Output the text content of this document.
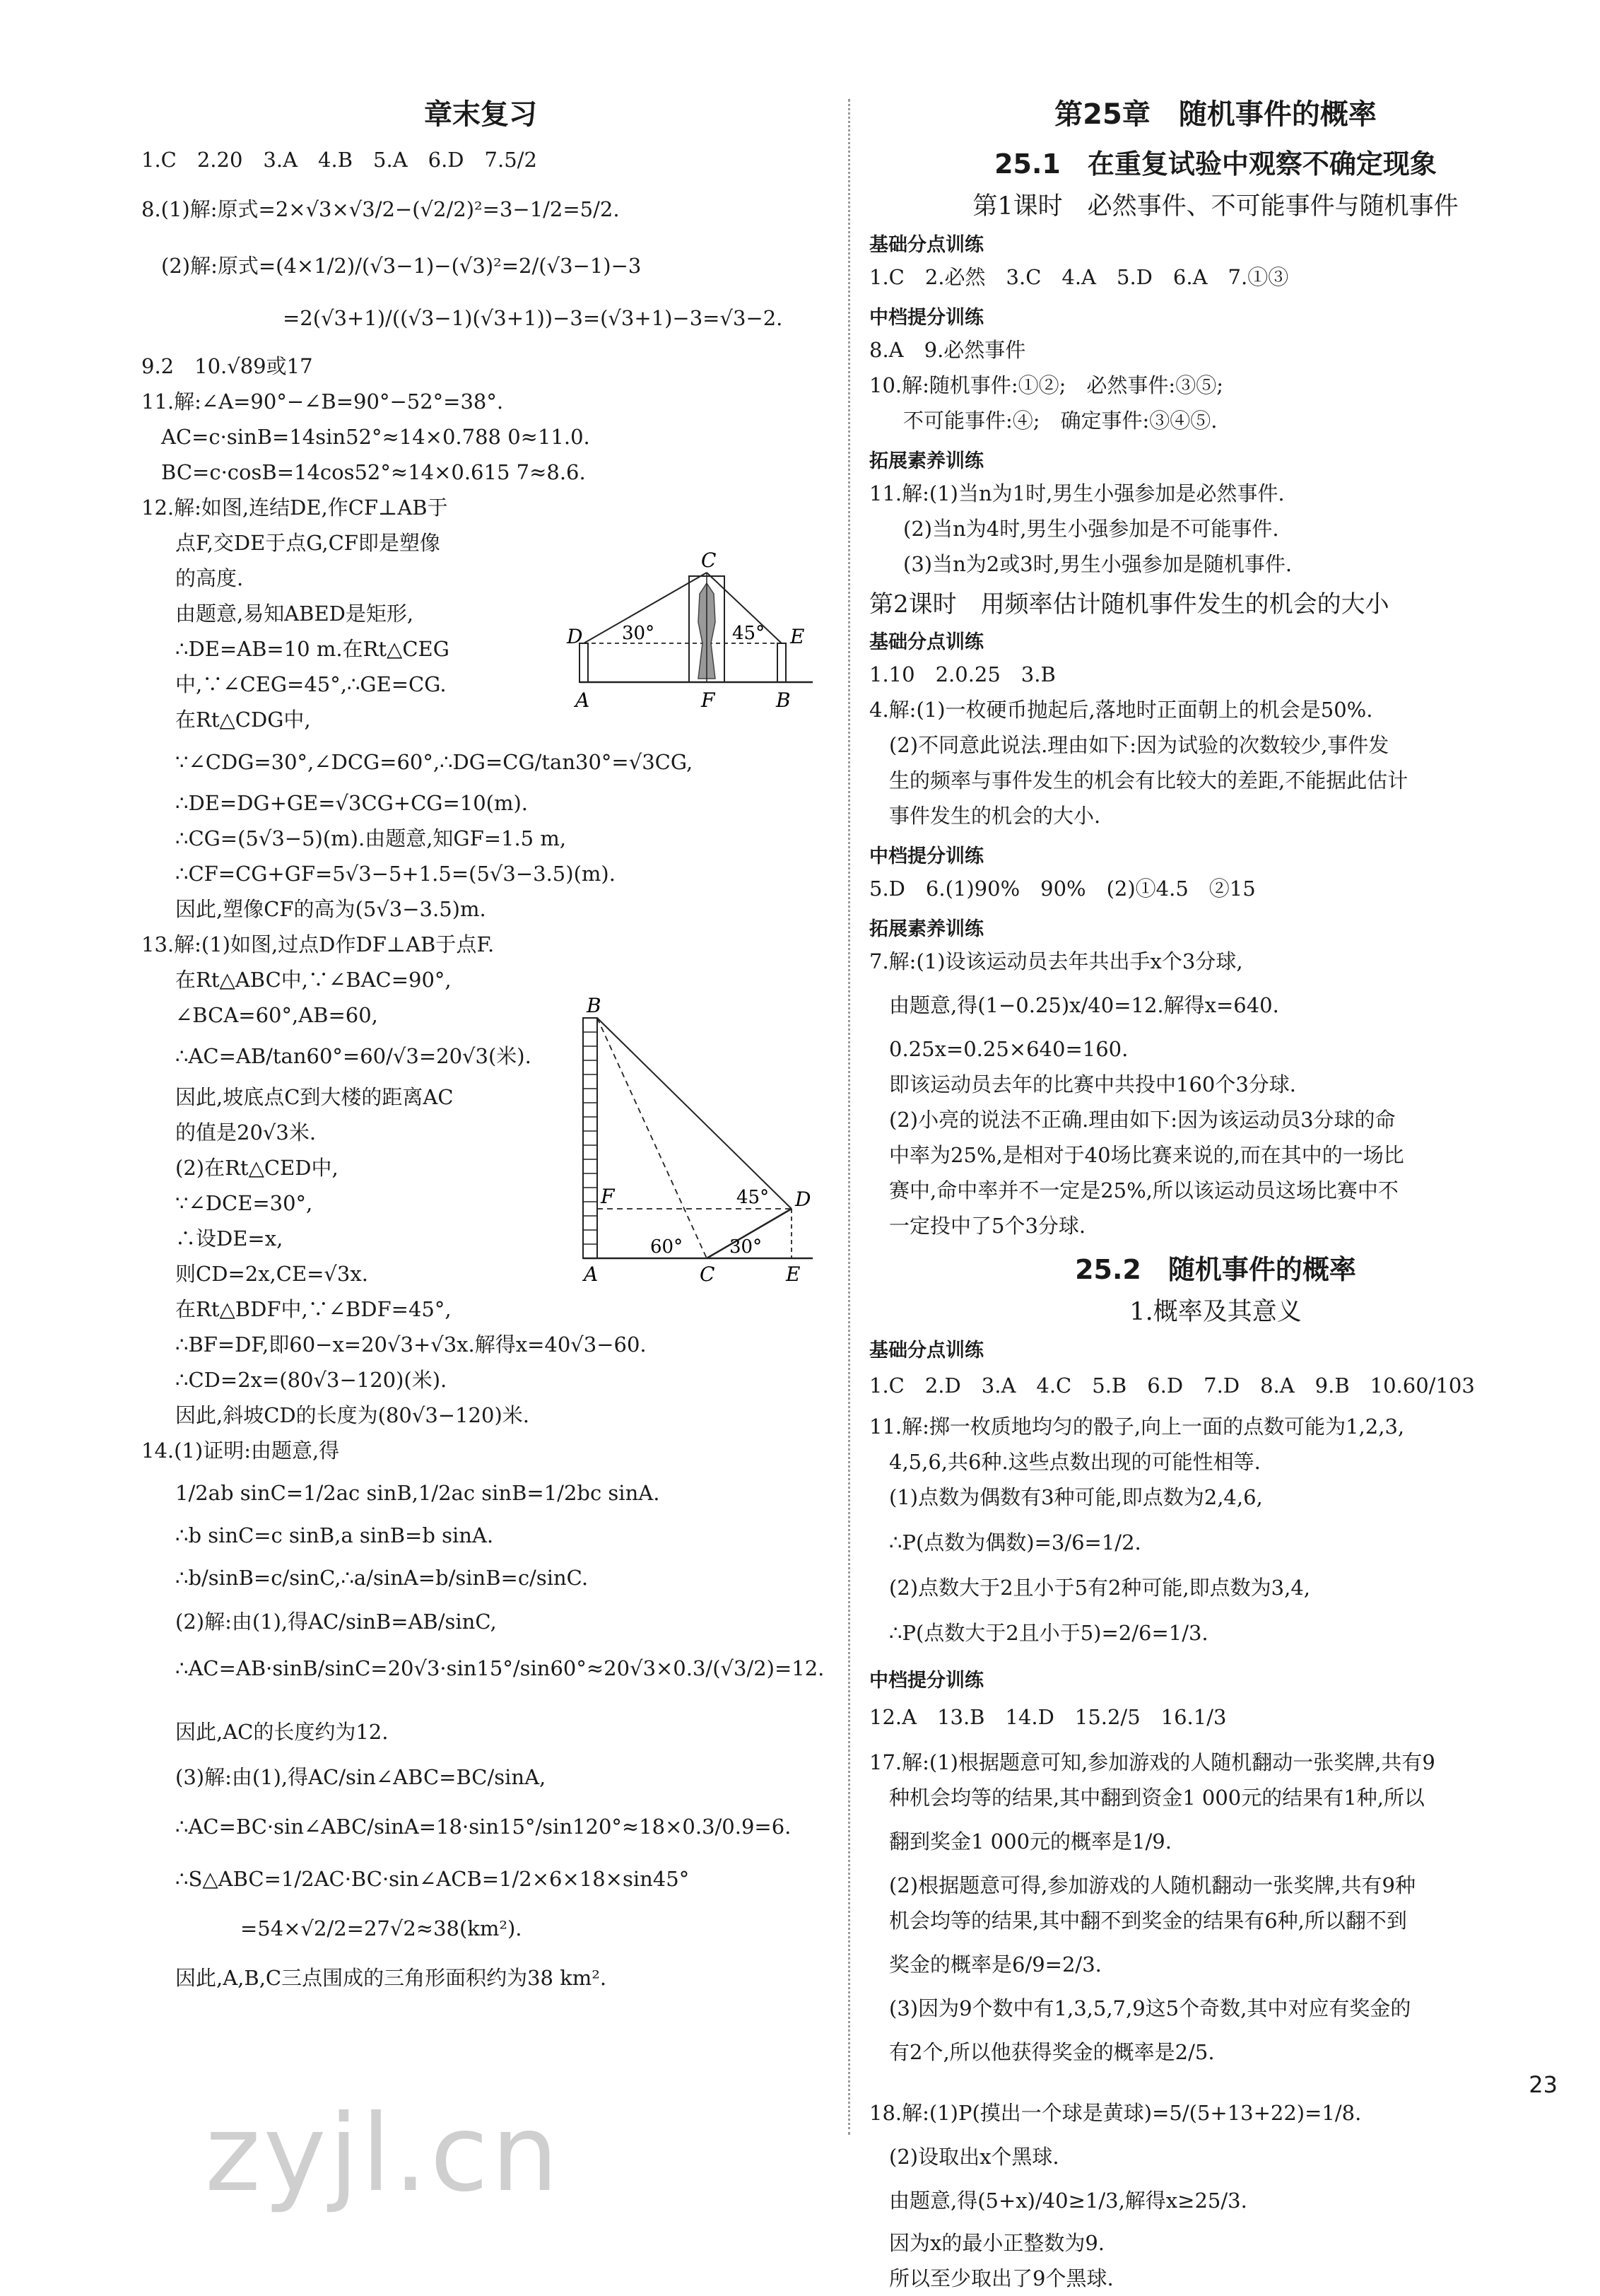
章末复习
1.C　2.20　3.A　4.B　5.A　6.D　7.5/2
8.(1)解:原式=2×√3×√3/2−(√2/2)²=3−1/2=5/2.
(2)解:原式=(4×1/2)/(√3−1)−(√3)²=2/(√3−1)−3
=2(√3+1)/((√3−1)(√3+1))−3=(√3+1)−3=√3−2.
9.2　10.√89或17
11.解:∠A=90°−∠B=90°−52°=38°.
AC=c·sinB=14sin52°≈14×0.788 0≈11.0.
BC=c·cosB=14cos52°≈14×0.615 7≈8.6.
12.解:如图,连结DE,作CF⊥AB于
点F,交DE于点G,CF即是塑像
的高度.
由题意,易知ABED是矩形,
∴DE=AB=10 m.在Rt△CEG
中,∵∠CEG=45°,∴GE=CG.
在Rt△CDG中,
∵∠CDG=30°,∠DCG=60°,∴DG=CG/tan30°=√3CG,
∴DE=DG+GE=√3CG+CG=10(m).
∴CG=(5√3−5)(m).由题意,知GF=1.5 m,
∴CF=CG+GF=5√3−5+1.5=(5√3−3.5)(m).
因此,塑像CF的高为(5√3−3.5)m.
13.解:(1)如图,过点D作DF⊥AB于点F.
在Rt△ABC中,∵∠BAC=90°,
∠BCA=60°,AB=60,
∴AC=AB/tan60°=60/√3=20√3(米).
因此,坡底点C到大楼的距离AC
的值是20√3米.
(2)在Rt△CED中,
∵∠DCE=30°,
∴设DE=x,
则CD=2x,CE=√3x.
在Rt△BDF中,∵∠BDF=45°,
∴BF=DF,即60−x=20√3+√3x.解得x=40√3−60.
∴CD=2x=(80√3−120)(米).
因此,斜坡CD的长度为(80√3−120)米.
14.(1)证明:由题意,得
1/2ab sinC=1/2ac sinB,1/2ac sinB=1/2bc sinA.
∴b sinC=c sinB,a sinB=b sinA.
∴b/sinB=c/sinC,∴a/sinA=b/sinB=c/sinC.
(2)解:由(1),得AC/sinB=AB/sinC,
∴AC=AB·sinB/sinC=20√3·sin15°/sin60°≈20√3×0.3/(√3/2)=12.
因此,AC的长度约为12.
(3)解:由(1),得AC/sin∠ABC=BC/sinA,
∴AC=BC·sin∠ABC/sinA=18·sin15°/sin120°≈18×0.3/0.9=6.
∴S△ABC=1/2AC·BC·sin∠ACB=1/2×6×18×sin45°
=54×√2/2=27√2≈38(km²).
因此,A,B,C三点围成的三角形面积约为38 km².
C
D	E
A	F	B
30°	45°
B
F	D
A	C	E
45°
60°	30°
第25章　随机事件的概率
25.1　在重复试验中观察不确定现象
第1课时　必然事件、不可能事件与随机事件
基础分点训练
1.C　2.必然　3.C　4.A　5.D　6.A　7.①③
中档提分训练
8.A　9.必然事件
10.解:随机事件:①②;　必然事件:③⑤;
不可能事件:④;　确定事件:③④⑤.
拓展素养训练
11.解:(1)当n为1时,男生小强参加是必然事件.
(2)当n为4时,男生小强参加是不可能事件.
(3)当n为2或3时,男生小强参加是随机事件.
第2课时　用频率估计随机事件发生的机会的大小
基础分点训练
1.10　2.0.25　3.B
4.解:(1)一枚硬币抛起后,落地时正面朝上的机会是50%.
(2)不同意此说法.理由如下:因为试验的次数较少,事件发
生的频率与事件发生的机会有比较大的差距,不能据此估计
事件发生的机会的大小.
中档提分训练
5.D　6.(1)90%　90%　(2)①4.5　②15
拓展素养训练
7.解:(1)设该运动员去年共出手x个3分球,
由题意,得(1−0.25)x/40=12.解得x=640.
0.25x=0.25×640=160.
即该运动员去年的比赛中共投中160个3分球.
(2)小亮的说法不正确.理由如下:因为该运动员3分球的命
中率为25%,是相对于40场比赛来说的,而在其中的一场比
赛中,命中率并不一定是25%,所以该运动员这场比赛中不
一定投中了5个3分球.
25.2　随机事件的概率
1.概率及其意义
基础分点训练
1.C　2.D　3.A　4.C　5.B　6.D　7.D　8.A　9.B　10.60/103
11.解:掷一枚质地均匀的骰子,向上一面的点数可能为1,2,3,
4,5,6,共6种.这些点数出现的可能性相等.
(1)点数为偶数有3种可能,即点数为2,4,6,
∴P(点数为偶数)=3/6=1/2.
(2)点数大于2且小于5有2种可能,即点数为3,4,
∴P(点数大于2且小于5)=2/6=1/3.
中档提分训练
12.A　13.B　14.D　15.2/5　16.1/3
17.解:(1)根据题意可知,参加游戏的人随机翻动一张奖牌,共有9
种机会均等的结果,其中翻到资金1 000元的结果有1种,所以
翻到奖金1 000元的概率是1/9.
(2)根据题意可得,参加游戏的人随机翻动一张奖牌,共有9种
机会均等的结果,其中翻不到奖金的结果有6种,所以翻不到
奖金的概率是6/9=2/3.
(3)因为9个数中有1,3,5,7,9这5个奇数,其中对应有奖金的
有2个,所以他获得奖金的概率是2/5.
18.解:(1)P(摸出一个球是黄球)=5/(5+13+22)=1/8.
(2)设取出x个黑球.
由题意,得(5+x)/40≥1/3,解得x≥25/3.
因为x的最小正整数为9.
所以至少取出了9个黑球.
23
zyjl.cn
